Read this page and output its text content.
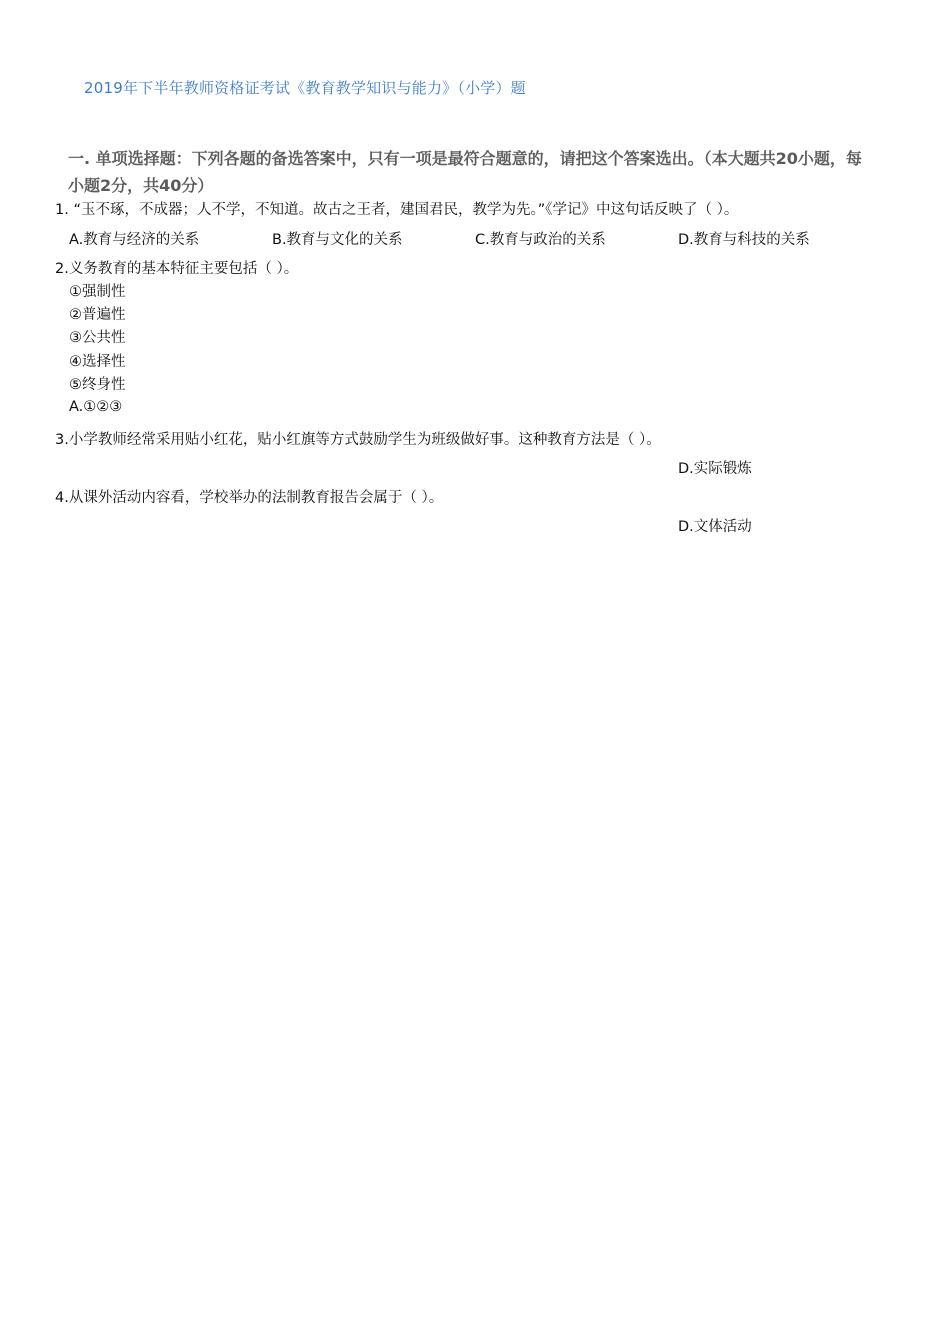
2019年下半年教师资格证考试《教育教学知识与能力》（小学）题
一. 单项选择题：下列各题的备选答案中，只有一项是最符合题意的，请把这个答案选出。（本大题共20小题，每小题2分，共40分）
1. “玉不琢，不成器；人不学，不知道。故古之王者，建国君民，教学为先。”《学记》中这句话反映了（ ）。
A.教育与经济的关系	B.教育与文化的关系	C.教育与政治的关系	D.教育与科技的关系
2.义务教育的基本特征主要包括（ ）。
①强制性
②普遍性
③公共性
④选择性
⑤终身性
A.①②③
3.小学教师经常采用贴小红花，贴小红旗等方式鼓励学生为班级做好事。这种教育方法是（ ）。
D.实际锻炼
4.从课外活动内容看，学校举办的法制教育报告会属于（ ）。
D.文体活动
